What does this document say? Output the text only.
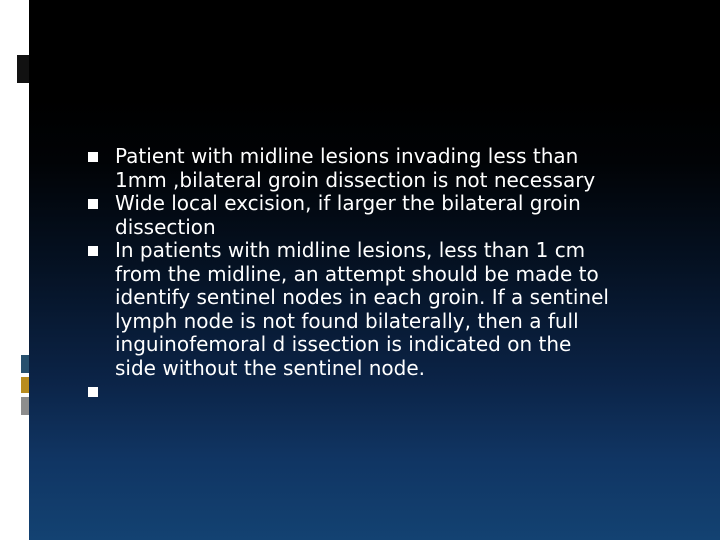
Patient with midline lesions invading less than
1mm ,bilateral groin dissection is not necessary
Wide local excision, if larger the bilateral groin
dissection
In patients with midline lesions, less than 1 cm
from the midline, an attempt should be made to
identify sentinel nodes in each groin. If a sentinel
lymph node is not found bilaterally, then a full
inguinofemoral d issection is indicated on the
side without the sentinel node.
